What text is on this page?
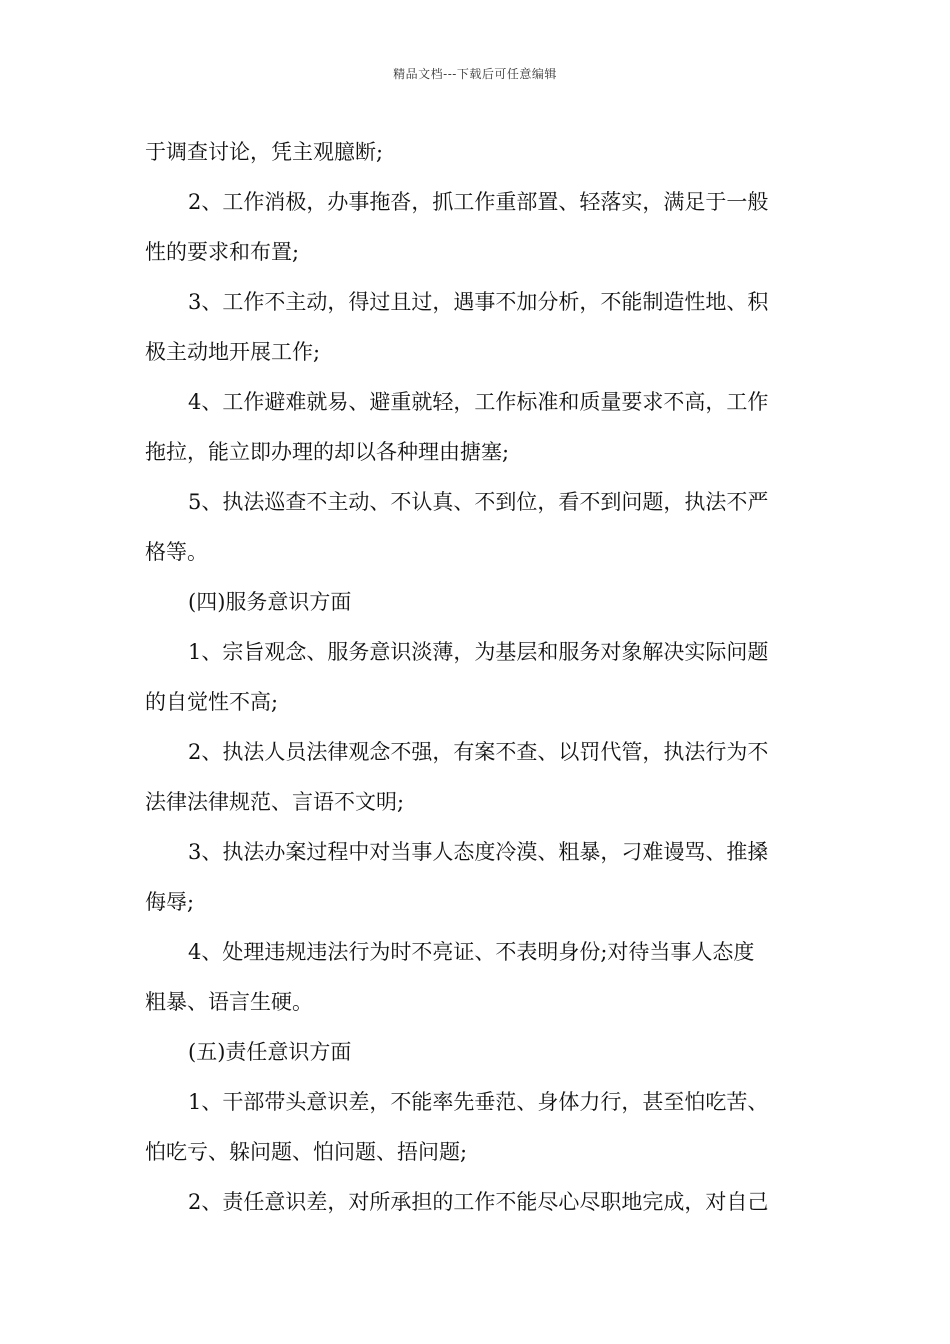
精品文档---下载后可任意编辑
于调查讨论，凭主观臆断;
2、工作消极，办事拖沓，抓工作重部置、轻落实，满足于一般
性的要求和布置;
3、工作不主动，得过且过，遇事不加分析，不能制造性地、积
极主动地开展工作;
4、工作避难就易、避重就轻，工作标准和质量要求不高，工作
拖拉，能立即办理的却以各种理由搪塞;
5、执法巡查不主动、不认真、不到位，看不到问题，执法不严
格等。
(四)服务意识方面
1、宗旨观念、服务意识淡薄，为基层和服务对象解决实际问题
的自觉性不高;
2、执法人员法律观念不强，有案不查、以罚代管，执法行为不
法律法律规范、言语不文明;
3、执法办案过程中对当事人态度冷漠、粗暴，刁难谩骂、推搡
侮辱;
4、处理违规违法行为时不亮证、不表明身份;对待当事人态度
粗暴、语言生硬。
(五)责任意识方面
1、干部带头意识差，不能率先垂范、身体力行，甚至怕吃苦、
怕吃亏、躲问题、怕问题、捂问题;
2、责任意识差，对所承担的工作不能尽心尽职地完成，对自己
